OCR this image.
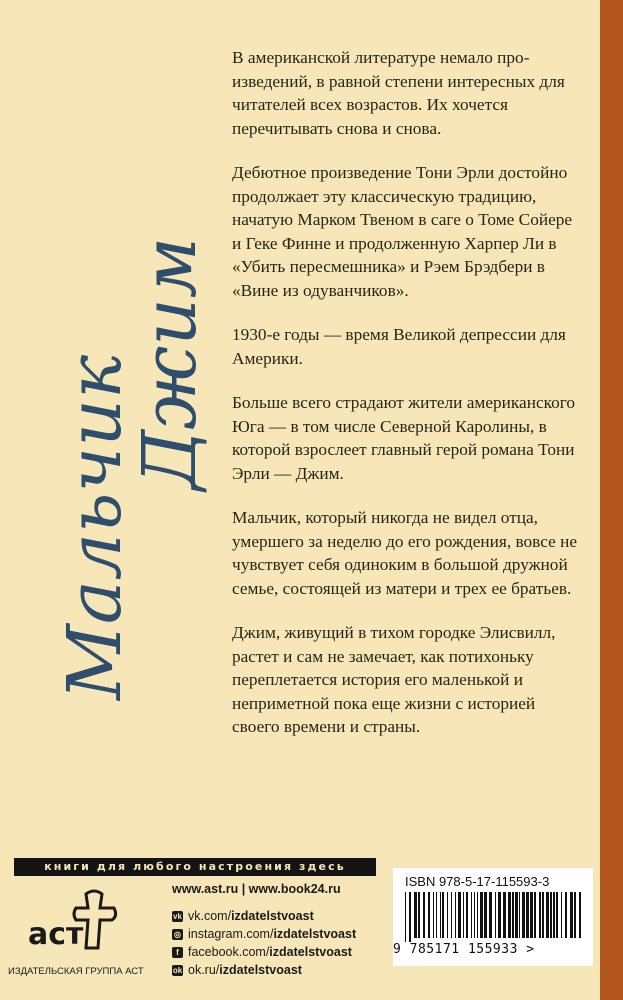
Мальчик
Джим

В американской литературе немало произведений, в равной степени интересных для читателей всех возрастов. Их хочется перечитывать снова и снова.

Дебютное произведение Тони Эрли достойно продолжает эту классическую традицию, начатую Марком Твеном в саге о Томе Сойере и Геке Финне и продолженную Харпер Ли в «Убить пересмешника» и Рэем Брэдбери в «Вине из одуванчиков».

1930-е годы — время Великой депрессии для Америки.

Больше всего страдают жители американского Юга — в том числе Северной Каролины, в которой взрослеет главный герой романа Тони Эрли — Джим.

Мальчик, который никогда не видел отца, умершего за неделю до его рождения, вовсе не чувствует себя одиноким в большой дружной семье, состоящей из матери и трех ее братьев.

Джим, живущий в тихом городке Элисвилл, растет и сам не замечает, как потихоньку переплетается история его маленькой и неприметной пока еще жизни с историей своего времени и страны.

книги для любого настроения здесь
аст
ИЗДАТЕЛЬСКАЯ ГРУППА АСТ
www.ast.ru | www.book24.ru
vk vk.com/ izdatelstvoast
◎ instagram.com/ izdatelstvoast
f facebook.com/ izdatelstvoast
ok ok.ru/ izdatelstvoast
ISBN 978-5-17-115593-3
9 785171 155933 >
